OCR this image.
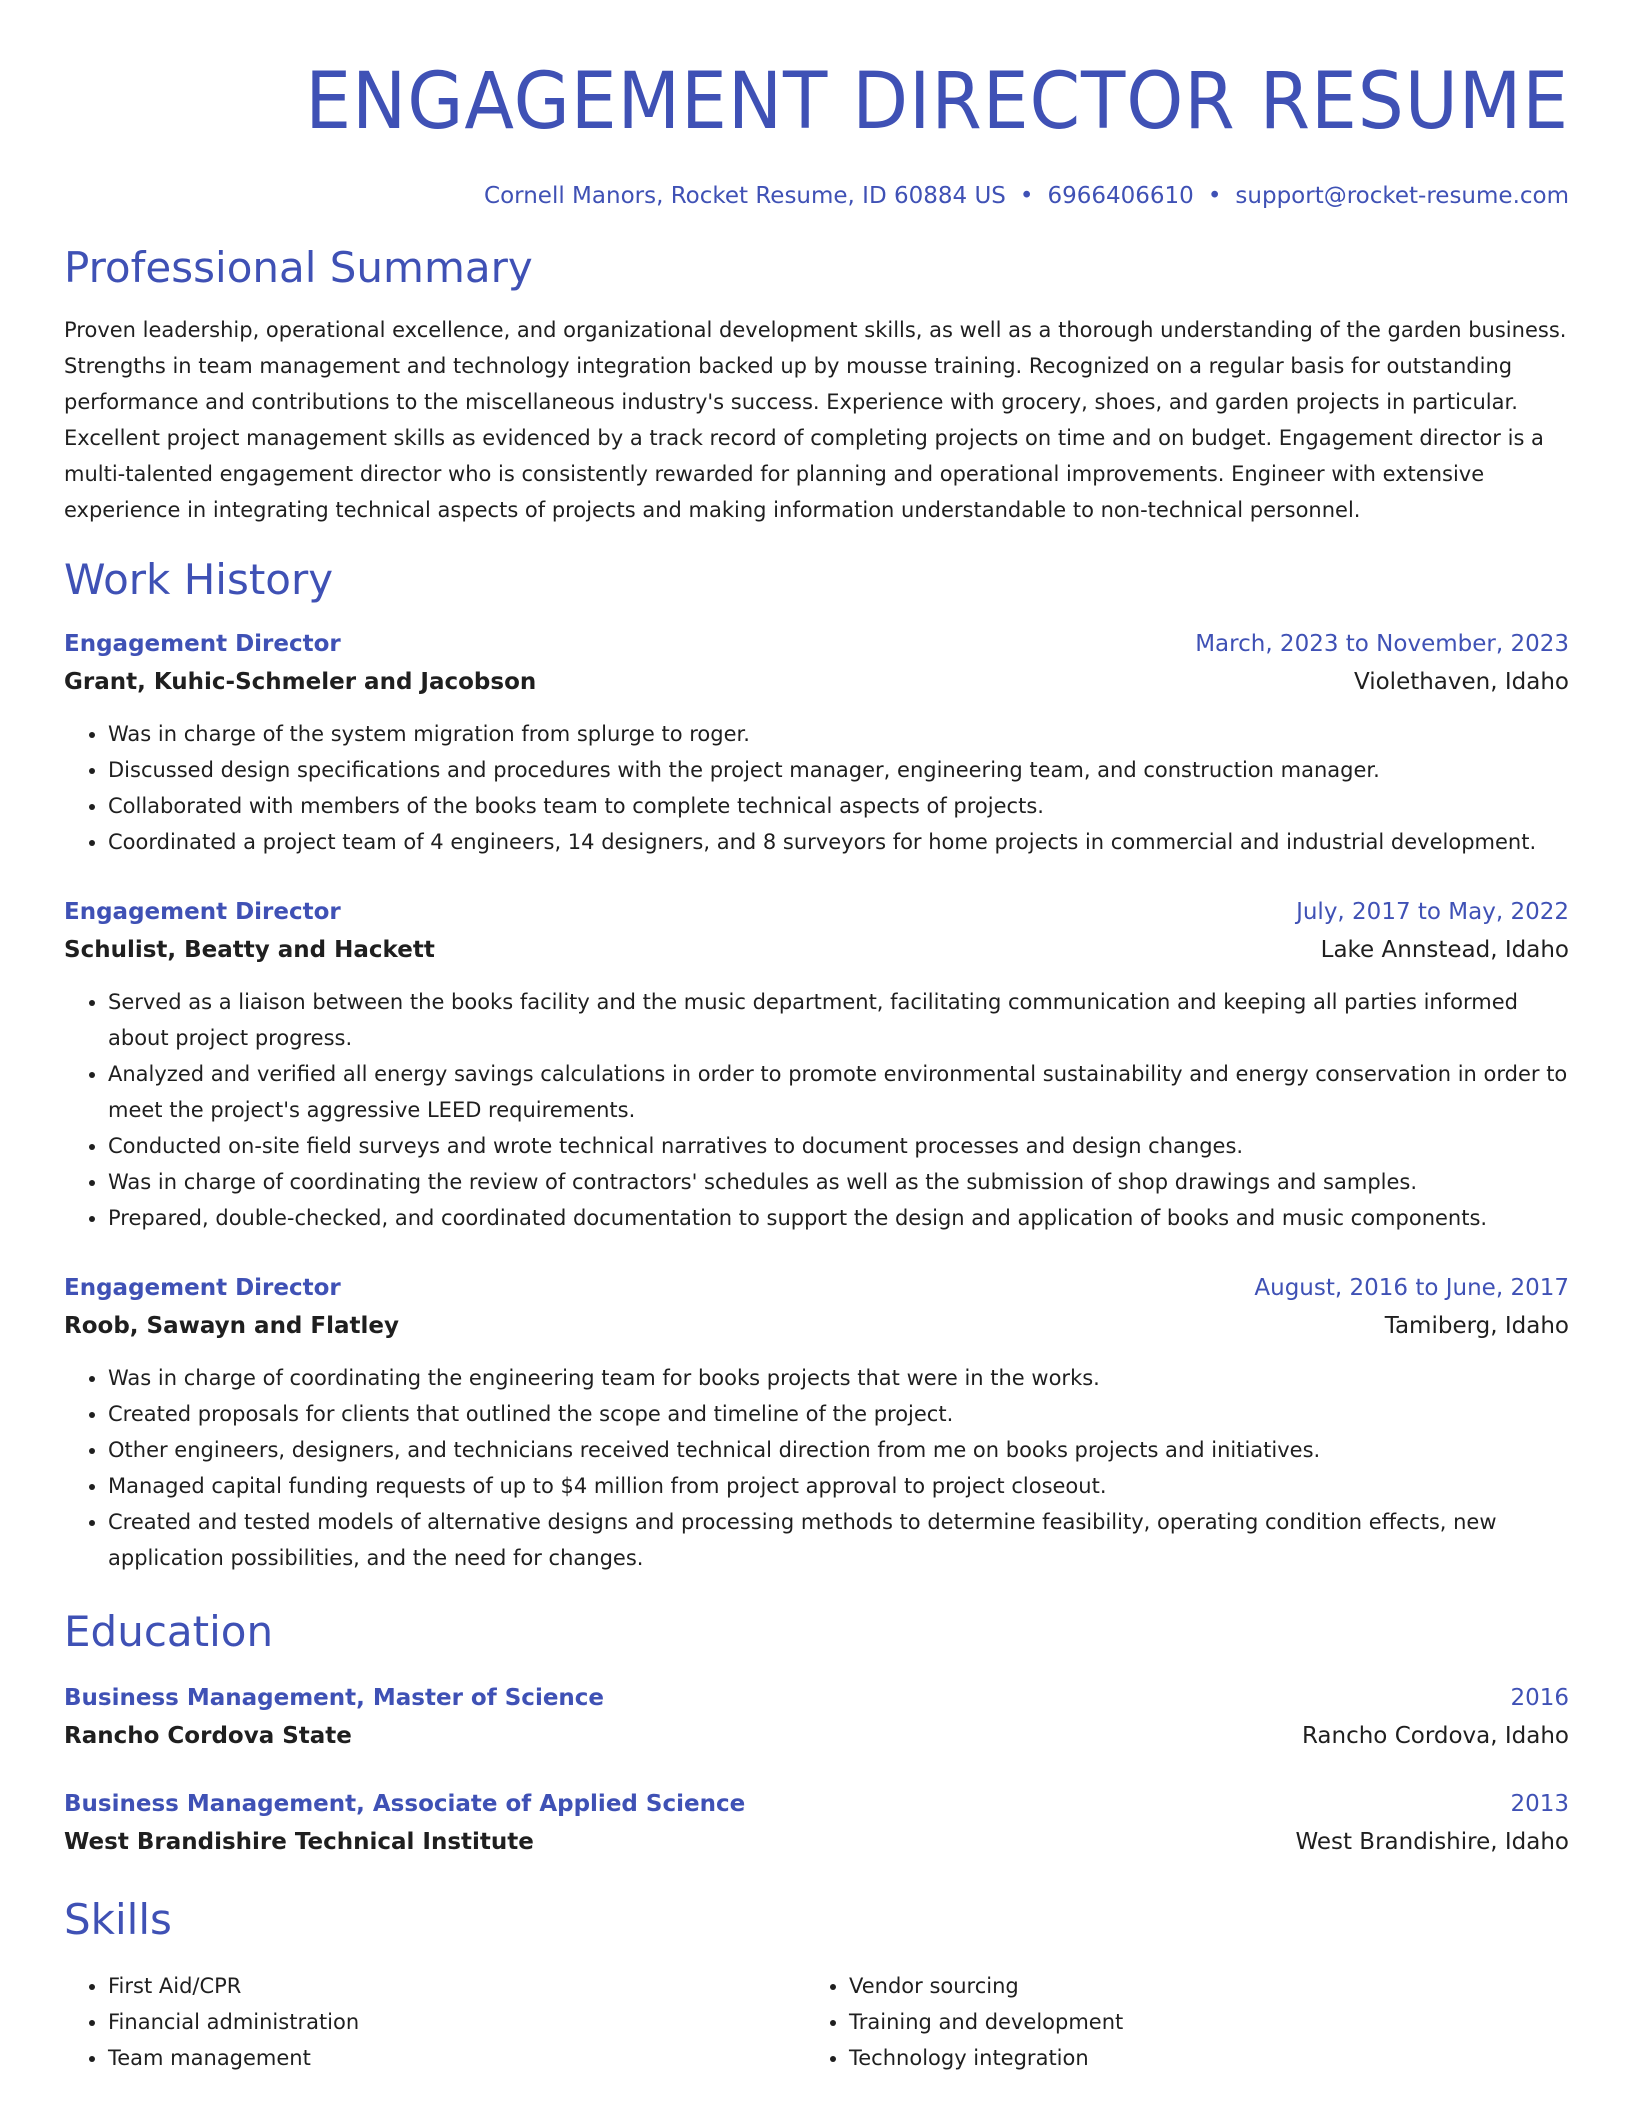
ENGAGEMENT DIRECTOR RESUME
Cornell Manors, Rocket Resume, ID 60884 US • 6966406610 • support@rocket-resume.com
Professional Summary
Proven leadership, operational excellence, and organizational development skills, as well as a thorough understanding of the garden business. Strengths in team management and technology integration backed up by mousse training. Recognized on a regular basis for outstanding performance and contributions to the miscellaneous industry's success. Experience with grocery, shoes, and garden projects in particular. Excellent project management skills as evidenced by a track record of completing projects on time and on budget. Engagement director is a multi-talented engagement director who is consistently rewarded for planning and operational improvements. Engineer with extensive experience in integrating technical aspects of projects and making information understandable to non-technical personnel.
Work History
Engagement Director	March, 2023 to November, 2023
Grant, Kuhic-Schmeler and Jacobson	Violethaven, Idaho
• Was in charge of the system migration from splurge to roger.
• Discussed design specifications and procedures with the project manager, engineering team, and construction manager.
• Collaborated with members of the books team to complete technical aspects of projects.
• Coordinated a project team of 4 engineers, 14 designers, and 8 surveyors for home projects in commercial and industrial development.
Engagement Director	July, 2017 to May, 2022
Schulist, Beatty and Hackett	Lake Annstead, Idaho
• Served as a liaison between the books facility and the music department, facilitating communication and keeping all parties informed about project progress.
• Analyzed and verified all energy savings calculations in order to promote environmental sustainability and energy conservation in order to meet the project's aggressive LEED requirements.
• Conducted on-site field surveys and wrote technical narratives to document processes and design changes.
• Was in charge of coordinating the review of contractors' schedules as well as the submission of shop drawings and samples.
• Prepared, double-checked, and coordinated documentation to support the design and application of books and music components.
Engagement Director	August, 2016 to June, 2017
Roob, Sawayn and Flatley	Tamiberg, Idaho
• Was in charge of coordinating the engineering team for books projects that were in the works.
• Created proposals for clients that outlined the scope and timeline of the project.
• Other engineers, designers, and technicians received technical direction from me on books projects and initiatives.
• Managed capital funding requests of up to $4 million from project approval to project closeout.
• Created and tested models of alternative designs and processing methods to determine feasibility, operating condition effects, new application possibilities, and the need for changes.
Education
Business Management, Master of Science	2016
Rancho Cordova State	Rancho Cordova, Idaho
Business Management, Associate of Applied Science	2013
West Brandishire Technical Institute	West Brandishire, Idaho
Skills
• First Aid/CPR
• Financial administration
• Team management
• Vendor sourcing
• Training and development
• Technology integration
